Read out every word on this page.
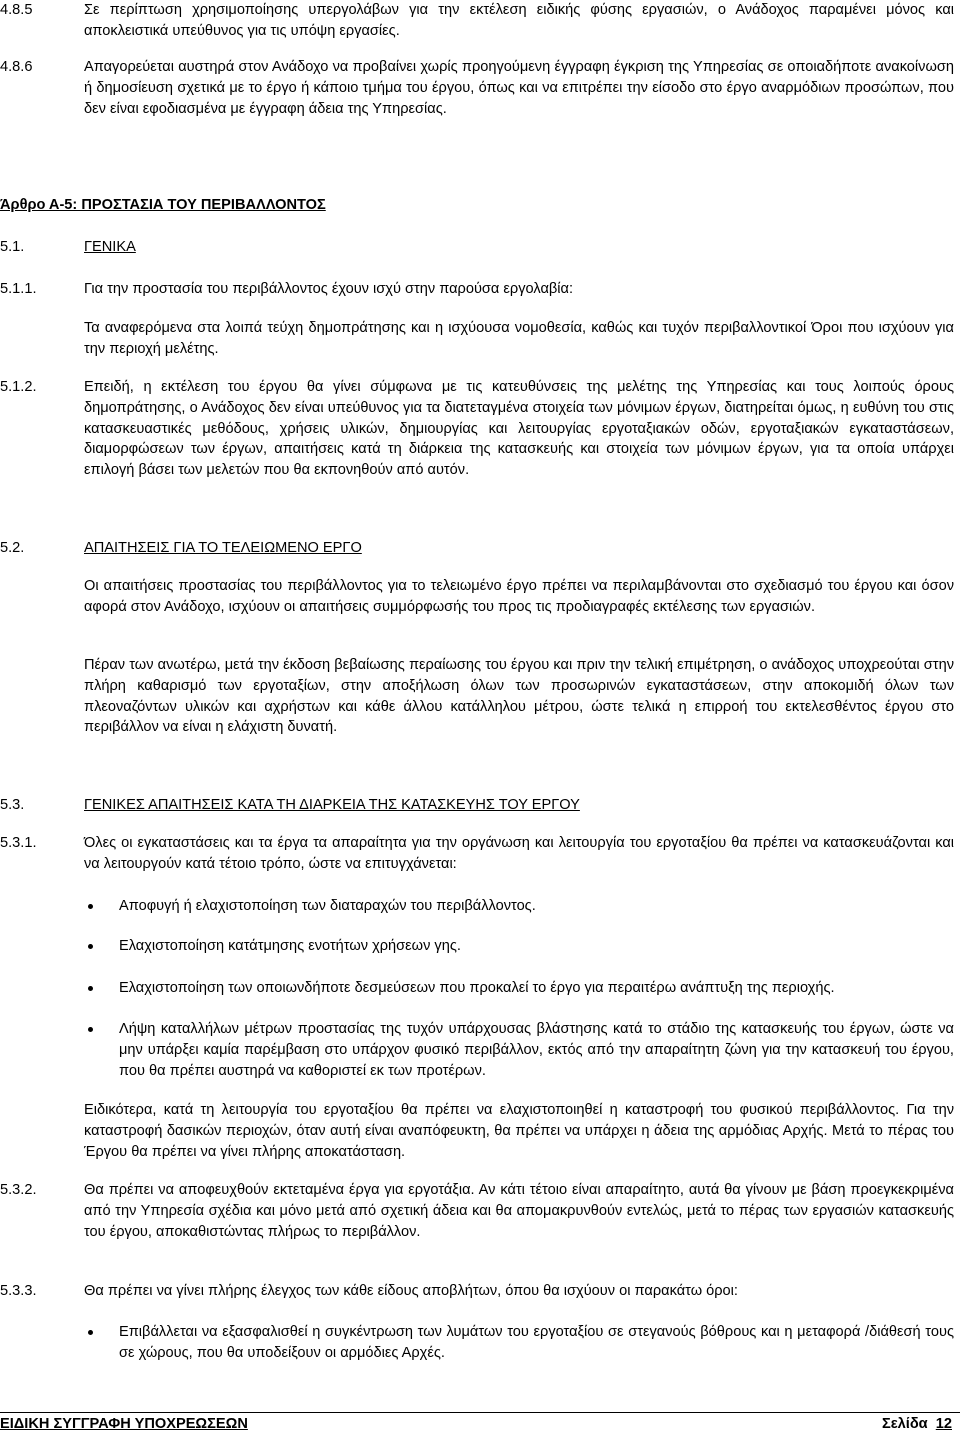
4.8.5	Σε περίπτωση χρησιμοποίησης υπεργολάβων για την εκτέλεση ειδικής φύσης εργασιών, ο Ανάδοχος παραμένει μόνος και αποκλειστικά υπεύθυνος για τις υπόψη εργασίες.
4.8.6	Απαγορεύεται αυστηρά στον Ανάδοχο να προβαίνει χωρίς προηγούμενη έγγραφη έγκριση της Υπηρεσίας σε οποιαδήποτε ανακοίνωση ή δημοσίευση σχετικά με το έργο ή κάποιο τμήμα του έργου, όπως και να επιτρέπει την είσοδο στο έργο αναρμόδιων προσώπων, που δεν είναι εφοδιασμένα με έγγραφη άδεια της Υπηρεσίας.
Άρθρο Α-5: ΠΡΟΣΤΑΣΙΑ ΤΟΥ ΠΕΡΙΒΑΛΛΟΝΤΟΣ
5.1.	ΓΕΝΙΚΑ
5.1.1.	Για την προστασία του περιβάλλοντος έχουν ισχύ στην παρούσα εργολαβία:
Τα αναφερόμενα στα λοιπά τεύχη δημοπράτησης και η ισχύουσα νομοθεσία, καθώς και τυχόν περιβαλλοντικοί Όροι που ισχύουν για την περιοχή μελέτης.
5.1.2.	Επειδή, η εκτέλεση του έργου θα γίνει σύμφωνα με τις κατευθύνσεις της μελέτης της Υπηρεσίας και τους λοιπούς όρους δημοπράτησης, ο Ανάδοχος δεν είναι υπεύθυνος για τα διατεταγμένα στοιχεία των μόνιμων έργων, διατηρείται όμως, η ευθύνη του στις κατασκευαστικές μεθόδους, χρήσεις υλικών, δημιουργίας και λειτουργίας εργοταξιακών οδών, εργοταξιακών εγκαταστάσεων, διαμορφώσεων των έργων, απαιτήσεις κατά τη διάρκεια της κατασκευής και στοιχεία των μόνιμων έργων, για τα οποία υπάρχει επιλογή βάσει των μελετών που θα εκπονηθούν από αυτόν.
5.2.	ΑΠΑΙΤΗΣΕΙΣ ΓΙΑ ΤΟ ΤΕΛΕΙΩΜΕΝΟ ΕΡΓΟ
Οι απαιτήσεις προστασίας του περιβάλλοντος για το τελειωμένο έργο πρέπει να περιλαμβάνονται στο σχεδιασμό του έργου και όσον αφορά στον Ανάδοχο, ισχύουν οι απαιτήσεις συμμόρφωσής του προς τις προδιαγραφές εκτέλεσης των εργασιών.
Πέραν των ανωτέρω, μετά την έκδοση βεβαίωσης περαίωσης του έργου και πριν την τελική επιμέτρηση, ο ανάδοχος υποχρεούται στην πλήρη καθαρισμό των εργοταξίων, στην αποξήλωση όλων των προσωρινών εγκαταστάσεων, στην αποκομιδή όλων των πλεοναζόντων υλικών και αχρήστων και κάθε άλλου κατάλληλου μέτρου, ώστε τελικά η επιρροή του εκτελεσθέντος έργου στο περιβάλλον να είναι η ελάχιστη δυνατή.
5.3.	ΓΕΝΙΚΕΣ ΑΠΑΙΤΗΣΕΙΣ ΚΑΤΑ ΤΗ ΔΙΑΡΚΕΙΑ ΤΗΣ ΚΑΤΑΣΚΕΥΗΣ ΤΟΥ ΕΡΓΟΥ
5.3.1.	Όλες οι εγκαταστάσεις και τα έργα τα απαραίτητα για την οργάνωση και λειτουργία του εργοταξίου θα πρέπει να κατασκευάζονται και να λειτουργούν κατά τέτοιο τρόπο, ώστε να επιτυγχάνεται:
Αποφυγή ή ελαχιστοποίηση των διαταραχών του περιβάλλοντος.
Ελαχιστοποίηση κατάτμησης ενοτήτων χρήσεων γης.
Ελαχιστοποίηση των οποιωνδήποτε δεσμεύσεων που προκαλεί το έργο για περαιτέρω ανάπτυξη της περιοχής.
Λήψη καταλλήλων μέτρων προστασίας της τυχόν υπάρχουσας βλάστησης κατά το στάδιο της κατασκευής του έργων, ώστε να μην υπάρξει καμία παρέμβαση στο υπάρχον φυσικό περιβάλλον, εκτός από την απαραίτητη ζώνη για την κατασκευή του έργου, που θα πρέπει αυστηρά να καθοριστεί εκ των προτέρων.
Ειδικότερα, κατά τη λειτουργία του εργοταξίου θα πρέπει να ελαχιστοποιηθεί η καταστροφή του φυσικού περιβάλλοντος. Για την καταστροφή δασικών περιοχών, όταν αυτή είναι αναπόφευκτη, θα πρέπει να υπάρχει η άδεια της αρμόδιας Αρχής. Μετά το πέρας του Έργου θα πρέπει να γίνει πλήρης αποκατάσταση.
5.3.2.	Θα πρέπει να αποφευχθούν εκτεταμένα έργα για εργοτάξια. Αν κάτι τέτοιο είναι απαραίτητο, αυτά θα γίνουν με βάση προεγκεκριμένα από την Υπηρεσία σχέδια και μόνο μετά από σχετική άδεια και θα απομακρυνθούν εντελώς, μετά το πέρας των εργασιών κατασκευής του έργου, αποκαθιστώντας πλήρως το περιβάλλον.
5.3.3.	Θα πρέπει να γίνει πλήρης έλεγχος των κάθε είδους αποβλήτων, όπου θα ισχύουν οι παρακάτω όροι:
Επιβάλλεται να εξασφαλισθεί η συγκέντρωση των λυμάτων του εργοταξίου σε στεγανούς βόθρους και η μεταφορά /διάθεσή τους σε χώρους, που θα υποδείξουν οι αρμόδιες Αρχές.
ΕΙΔΙΚΗ ΣΥΓΓΡΑΦΗ ΥΠΟΧΡΕΩΣΕΩΝ	Σελίδα 12
